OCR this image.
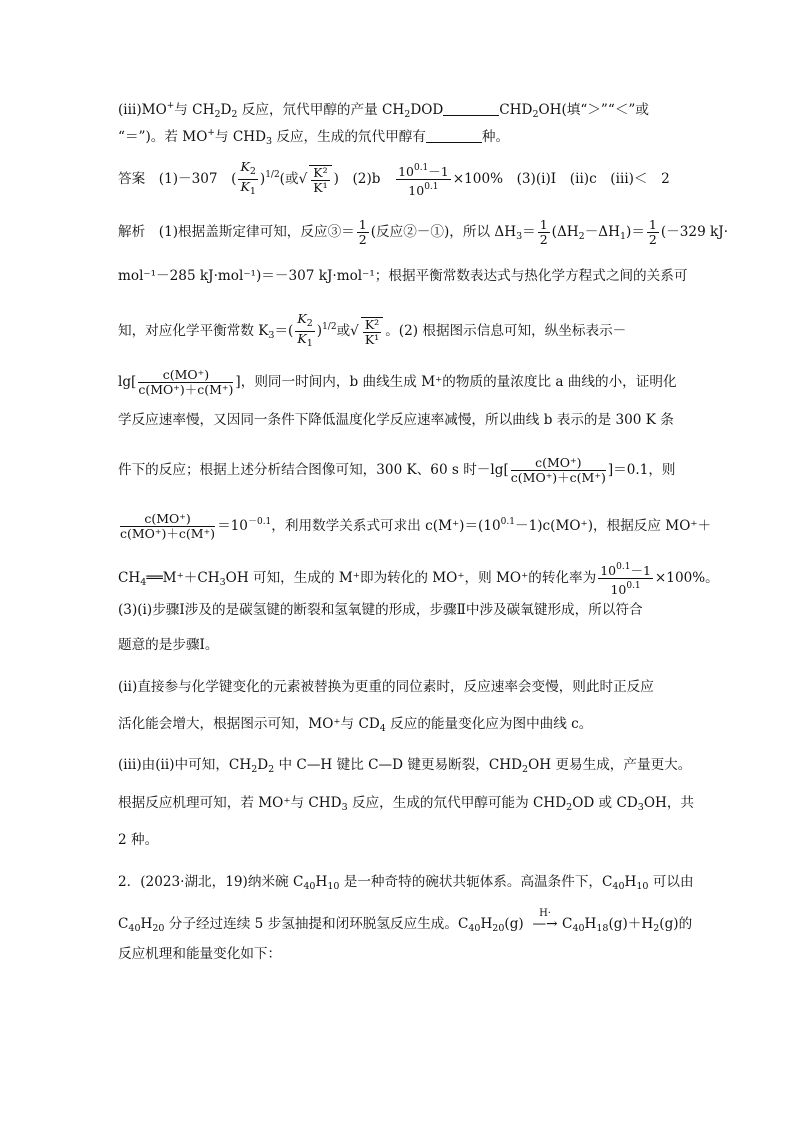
(iii)MO+与 $CH_2D_2$ 反应，氘代甲醇的产量 $CH_2DOD$	$CHD_2OH$(填“＞”“＜”或
“＝”)。若 MO+与 $CHD_3$ 反应，生成的氘代甲醇有	种。
答案　 (1)－307　( $\frac{K_2}{K_1} )^{1/2}$(或√ $\frac{\text{K²}}{\text{K¹}}$ )　(2)b　 $\frac{10^{0.1}-1}{10^{0.1}} \times 100\%$　(3)(ⅰ)Ⅰ　(ⅱ)c　(ⅲ)＜　2
解析　 (1)根据盖斯定律可知，反应③＝ $\frac{1}{2}$ (反应②－①)，所以 $\Delta H_3= \frac{1}{2} (\Delta H_2-\Delta H_1)= \frac{1}{2} (-329$ kJ·
mol⁻¹－285 kJ·mol⁻¹)＝－307 kJ·mol⁻¹；根据平衡常数表达式与热化学方程式之间的关系可
知，对应化学平衡常数 $K_3=( \frac{K_2}{K_1} )^{1/2}$或√ $\frac{\text{K²}}{\text{K¹}}$ 。(2) 根据图示信息可知，纵坐标表示－
$\lg[ \frac{c(MO^+)}{c(MO^+)+c(M^+)}$ ]，则同一时间内，b 曲线生成 M⁺的物质的量浓度比 a 曲线的小，证明化
学反应速率慢，又因同一条件下降低温度化学反应速率减慢，所以曲线 b 表示的是 300 K 条
件下的反应；根据上述分析结合图像可知，300 K、60 s 时$-\lg[ \frac{c(MO^+)}{c(MO^+)+c(M^+)} ]=0.1$，则
$\frac{c(MO^+)}{c(MO^+)+c(M^+)} =10^{-0.1}$，利用数学关系式可求出 $c(M^+)=(10^{0.1}-1)c(MO^+)$，根据反应 MO⁺＋
$CH_4══M^++CH_3OH$ 可知，生成的 M⁺即为转化的 MO⁺，则 MO⁺的转化率为 $\frac{10^{0.1}-1}{10^{0.1}} \times 100\%$。
(3)(ⅰ)步骤Ⅰ涉及的是碳氢键的断裂和氢氧键的形成，步骤Ⅱ中涉及碳氧键形成，所以符合
题意的是步骤Ⅰ。
(ⅱ)直接参与化学键变化的元素被替换为更重的同位素时，反应速率会变慢，则此时正反应
活化能会增大，根据图示可知，MO⁺与 $CD_4$ 反应的能量变化应为图中曲线 c。
(ⅲ)由(ⅱ)中可知，$CH_2D_2$ 中 C—H 键比 C—D 键更易断裂，$CHD_2OH$ 更易生成，产量更大。
根据反应机理可知，若 MO⁺与 $CHD_3$ 反应，生成的氘代甲醇可能为 $CHD_2OD$ 或 $CD_3OH$，共
2 种。
2．(2023·湖北，19)纳米碗 $C_{40}H_{10}$ 是一种奇特的碗状共轭体系。高温条件下，$C_{40}H_{10}$ 可以由
$C_{40}H_{20}$ 分子经过连续 5 步氢抽提和闭环脱氢反应生成。$C_{40}H_{20}(g)$
H·
—→ $C_{40}H_{18}(g)+H_2(g)$的
反应机理和能量变化如下：
